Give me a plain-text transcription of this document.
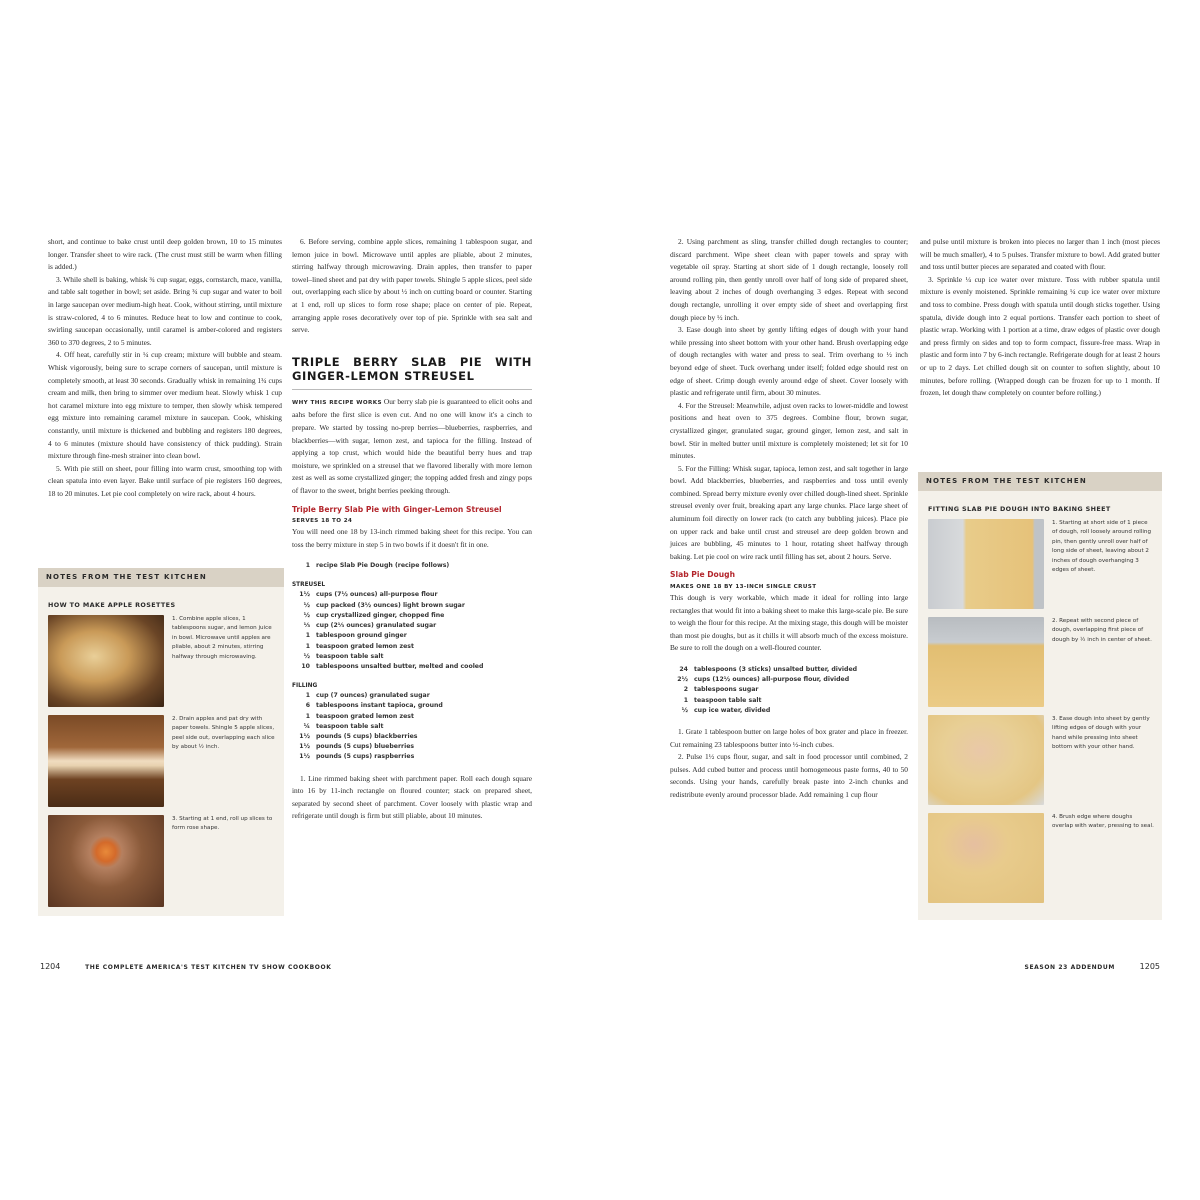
short, and continue to bake crust until deep golden brown, 10 to 15 minutes longer. Transfer sheet to wire rack. (The crust must still be warm when filling is added.)

3. While shell is baking, whisk ¾ cup sugar, eggs, cornstarch, mace, vanilla, and table salt together in bowl; set aside. Bring ¾ cup sugar and water to boil in large saucepan over medium-high heat. Cook, without stirring, until mixture is straw-colored, 4 to 6 minutes. Reduce heat to low and continue to cook, swirling saucepan occasionally, until caramel is amber-colored and registers 360 to 370 degrees, 2 to 5 minutes.

4. Off heat, carefully stir in ¼ cup cream; mixture will bubble and steam. Whisk vigorously, being sure to scrape corners of saucepan, until mixture is completely smooth, at least 30 seconds. Gradually whisk in remaining 1¾ cups cream and milk, then bring to simmer over medium heat. Slowly whisk 1 cup hot caramel mixture into egg mixture to temper, then slowly whisk tempered egg mixture into remaining caramel mixture in saucepan. Cook, whisking constantly, until mixture is thickened and bubbling and registers 180 degrees, 4 to 6 minutes (mixture should have consistency of thick pudding). Strain mixture through fine-mesh strainer into clean bowl.

5. With pie still on sheet, pour filling into warm crust, smoothing top with clean spatula into even layer. Bake until surface of pie registers 160 degrees, 18 to 20 minutes. Let pie cool completely on wire rack, about 4 hours.

NOTES FROM THE TEST KITCHEN
HOW TO MAKE APPLE ROSETTES
1. Combine apple slices, 1 tablespoons sugar, and lemon juice in bowl. Microwave until apples are pliable, about 2 minutes, stirring halfway through microwaving.
2. Drain apples and pat dry with paper towels. Shingle 5 apple slices, peel side out, overlapping each slice by about ½ inch.
3. Starting at 1 end, roll up slices to form rose shape.

6. Before serving, combine apple slices, remaining 1 tablespoon sugar, and lemon juice in bowl. Microwave until apples are pliable, about 2 minutes, stirring halfway through microwaving. Drain apples, then transfer to paper towel–lined sheet and pat dry with paper towels. Shingle 5 apple slices, peel side out, overlapping each slice by about ½ inch on cutting board or counter. Starting at 1 end, roll up slices to form rose shape; place on center of pie. Repeat, arranging apple roses decoratively over top of pie. Sprinkle with sea salt and serve.

TRIPLE BERRY SLAB PIE WITH GINGER-LEMON STREUSEL

WHY THIS RECIPE WORKS Our berry slab pie is guaranteed to elicit oohs and aahs before the first slice is even cut. And no one will know it's a cinch to prepare. We started by tossing no-prep berries—blueberries, raspberries, and blackberries—with sugar, lemon zest, and tapioca for the filling. Instead of applying a top crust, which would hide the beautiful berry hues and trap moisture, we sprinkled on a streusel that we flavored liberally with more lemon zest as well as some crystallized ginger; the topping added fresh and zingy pops of flavor to the sweet, bright berries peeking through.

Triple Berry Slab Pie with Ginger-Lemon Streusel
SERVES 18 TO 24

You will need one 18 by 13-inch rimmed baking sheet for this recipe. You can toss the berry mixture in step 5 in two bowls if it doesn't fit in one.

1 recipe Slab Pie Dough (recipe follows)
STREUSEL
1½ cups (7½ ounces) all-purpose flour
½ cup packed (3½ ounces) light brown sugar
½ cup crystallized ginger, chopped fine
⅓ cup (2⅓ ounces) granulated sugar
1 tablespoon ground ginger
1 teaspoon grated lemon zest
½ teaspoon table salt
10 tablespoons unsalted butter, melted and cooled
FILLING
1 cup (7 ounces) granulated sugar
6 tablespoons instant tapioca, ground
1 teaspoon grated lemon zest
¼ teaspoon table salt
1½ pounds (5 cups) blackberries
1½ pounds (5 cups) blueberries
1½ pounds (5 cups) raspberries

1. Line rimmed baking sheet with parchment paper. Roll each dough square into 16 by 11-inch rectangle on floured counter; stack on prepared sheet, separated by second sheet of parchment. Cover loosely with plastic wrap and refrigerate until dough is firm but still pliable, about 10 minutes.

1204	THE COMPLETE AMERICA'S TEST KITCHEN TV SHOW COOKBOOK

2. Using parchment as sling, transfer chilled dough rectangles to counter; discard parchment. Wipe sheet clean with paper towels and spray with vegetable oil spray. Starting at short side of 1 dough rectangle, loosely roll around rolling pin, then gently unroll over half of long side of prepared sheet, leaving about 2 inches of dough overhanging 3 edges. Repeat with second dough rectangle, unrolling it over empty side of sheet and overlapping first dough piece by ½ inch.

3. Ease dough into sheet by gently lifting edges of dough with your hand while pressing into sheet bottom with your other hand. Brush overlapping edge of dough rectangles with water and press to seal. Trim overhang to ½ inch beyond edge of sheet. Tuck overhang under itself; folded edge should rest on edge of sheet. Crimp dough evenly around edge of sheet. Cover loosely with plastic and refrigerate until firm, about 30 minutes.

4. For the Streusel: Meanwhile, adjust oven racks to lower-middle and lowest positions and heat oven to 375 degrees. Combine flour, brown sugar, crystallized ginger, granulated sugar, ground ginger, lemon zest, and salt in bowl. Stir in melted butter until mixture is completely moistened; let sit for 10 minutes.

5. For the Filling: Whisk sugar, tapioca, lemon zest, and salt together in large bowl. Add blackberries, blueberries, and raspberries and toss until evenly combined. Spread berry mixture evenly over chilled dough-lined sheet. Sprinkle streusel evenly over fruit, breaking apart any large chunks. Place large sheet of aluminum foil directly on lower rack (to catch any bubbling juices). Place pie on upper rack and bake until crust and streusel are deep golden brown and juices are bubbling, 45 minutes to 1 hour, rotating sheet halfway through baking. Let pie cool on wire rack until filling has set, about 2 hours. Serve.

Slab Pie Dough
MAKES ONE 18 BY 13-INCH SINGLE CRUST

This dough is very workable, which made it ideal for rolling into large rectangles that would fit into a baking sheet to make this large-scale pie. Be sure to weigh the flour for this recipe. At the mixing stage, this dough will be moister than most pie doughs, but as it chills it will absorb much of the excess moisture. Be sure to roll the dough on a well-floured counter.

24 tablespoons (3 sticks) unsalted butter, divided
2½ cups (12½ ounces) all-purpose flour, divided
2 tablespoons sugar
1 teaspoon table salt
½ cup ice water, divided

1. Grate 1 tablespoon butter on large holes of box grater and place in freezer. Cut remaining 23 tablespoons butter into ½-inch cubes.

2. Pulse 1½ cups flour, sugar, and salt in food processor until combined, 2 pulses. Add cubed butter and process until homogeneous paste forms, 40 to 50 seconds. Using your hands, carefully break paste into 2-inch chunks and redistribute evenly around processor blade. Add remaining 1 cup flour

and pulse until mixture is broken into pieces no larger than 1 inch (most pieces will be much smaller), 4 to 5 pulses. Transfer mixture to bowl. Add grated butter and toss until butter pieces are separated and coated with flour.

3. Sprinkle ¼ cup ice water over mixture. Toss with rubber spatula until mixture is evenly moistened. Sprinkle remaining ¼ cup ice water over mixture and toss to combine. Press dough with spatula until dough sticks together. Using spatula, divide dough into 2 equal portions. Transfer each portion to sheet of plastic wrap. Working with 1 portion at a time, draw edges of plastic over dough and press firmly on sides and top to form compact, fissure-free mass. Wrap in plastic and form into 7 by 6-inch rectangle. Refrigerate dough for at least 2 hours or up to 2 days. Let chilled dough sit on counter to soften slightly, about 10 minutes, before rolling. (Wrapped dough can be frozen for up to 1 month. If frozen, let dough thaw completely on counter before rolling.)

NOTES FROM THE TEST KITCHEN
FITTING SLAB PIE DOUGH INTO BAKING SHEET
1. Starting at short side of 1 piece of dough, roll loosely around rolling pin, then gently unroll over half of long side of sheet, leaving about 2 inches of dough overhanging 3 edges of sheet.
2. Repeat with second piece of dough, overlapping first piece of dough by ½ inch in center of sheet.
3. Ease dough into sheet by gently lifting edges of dough with your hand while pressing into sheet bottom with your other hand.
4. Brush edge where doughs overlap with water, pressing to seal.
SEASON 23 ADDENDUM	1205
